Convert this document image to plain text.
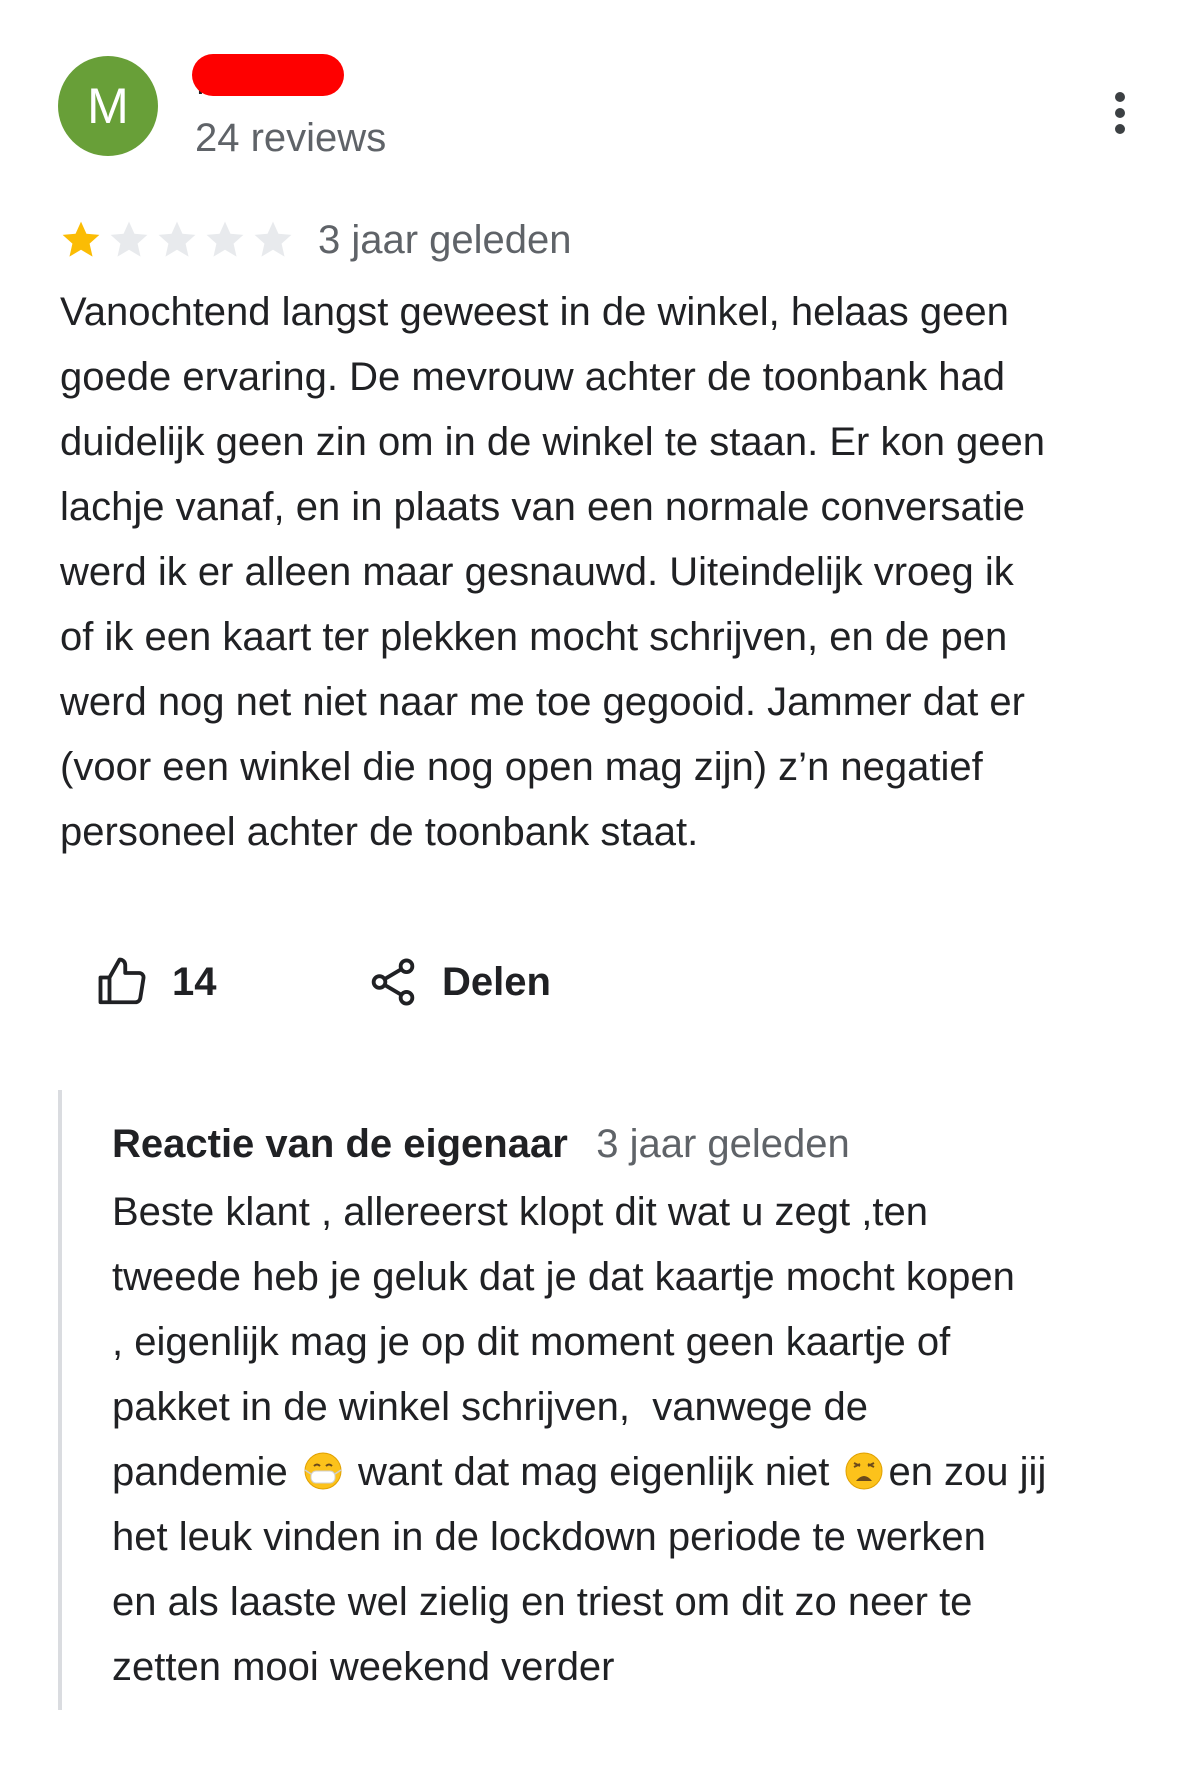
M
24 reviews
3 jaar geleden

Vanochtend langst geweest in de winkel, helaas geen
goede ervaring. De mevrouw achter de toonbank had
duidelijk geen zin om in de winkel te staan. Er kon geen
lachje vanaf, en in plaats van een normale conversatie
werd ik er alleen maar gesnauwd. Uiteindelijk vroeg ik
of ik een kaart ter plekken mocht schrijven, en de pen
werd nog net niet naar me toe gegooid. Jammer dat er
(voor een winkel die nog open mag zijn) z’n negatief
personeel achter de toonbank staat.

14	Delen
Reactie van de eigenaar 3 jaar geleden

Beste klant , allereerst klopt dit wat u zegt ,ten
tweede heb je geluk dat je dat kaartje mocht kopen
, eigenlijk mag je op dit moment geen kaartje of
pakket in de winkel schrijven,  vanwege de
pandemie want dat mag eigenlijk niet en zou jij
het leuk vinden in de lockdown periode te werken
en als laaste wel zielig en triest om dit zo neer te
zetten mooi weekend verder
